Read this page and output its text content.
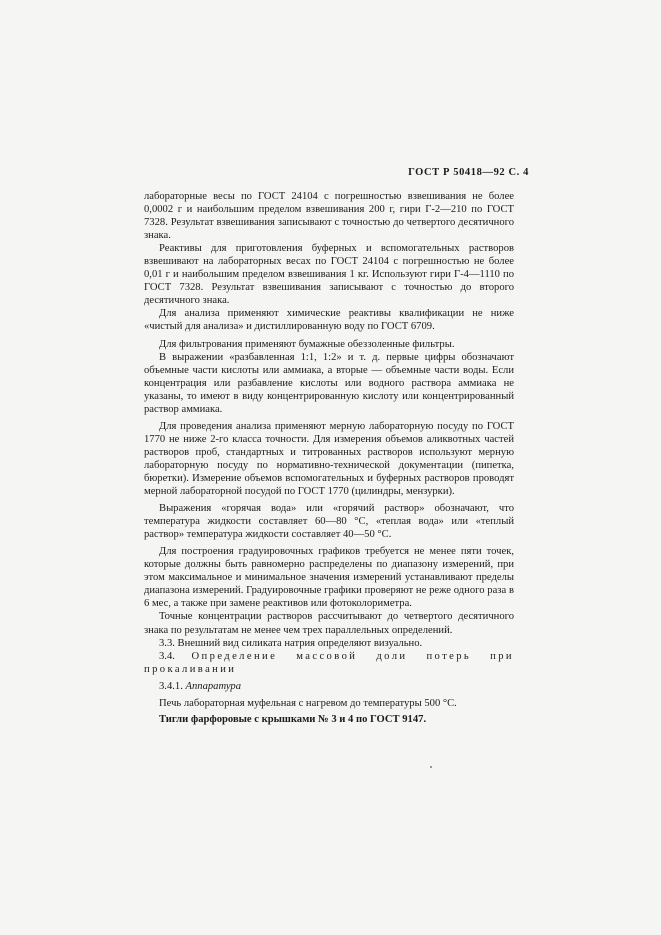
ГОСТ Р 50418—92 С. 4

лабораторные весы по ГОСТ 24104 с погрешностью взвешивания не более 0,0002 г и наибольшим пределом взвешивания 200 г, гири Г-2—210 по ГОСТ 7328. Результат взвешивания записывают с точностью до четвертого десятичного знака.

Реактивы для приготовления буферных и вспомогательных растворов взвешивают на лабораторных весах по ГОСТ 24104 с погрешностью не более 0,01 г и наибольшим пределом взвешивания 1 кг. Используют гири Г-4—1110 по ГОСТ 7328. Результат взвешивания записывают с точностью до второго десятичного знака.

Для анализа применяют химические реактивы квалификации не ниже «чистый для анализа» и дистиллированную воду по ГОСТ 6709.

Для фильтрования применяют бумажные обеззоленные фильтры.

В выражении «разбавленная 1:1, 1:2» и т. д. первые цифры обозначают объемные части кислоты или аммиака, а вторые — объемные части воды. Если концентрация или разбавление кислоты или водного раствора аммиака не указаны, то имеют в виду концентрированную кислоту или концентрированный раствор аммиака.

Для проведения анализа применяют мерную лабораторную посуду по ГОСТ 1770 не ниже 2-го класса точности. Для измерения объемов аликвотных частей растворов проб, стандартных и титрованных растворов используют мерную лабораторную посуду по нормативно-технической документации (пипетка, бюретки). Измерение объемов вспомогательных и буферных растворов проводят мерной лабораторной посудой по ГОСТ 1770 (цилиндры, мензурки).

Выражения «горячая вода» или «горячий раствор» обозначают, что температура жидкости составляет 60—80 °С, «теплая вода» или «теплый раствор» температура жидкости составляет 40—50 °С.

Для построения градуировочных графиков требуется не менее пяти точек, которые должны быть равномерно распределены по диапазону измерений, при этом максимальное и минимальное значения измерений устанавливают пределы диапазона измерений. Градуировочные графики проверяют не реже одного раза в 6 мес, а также при замене реактивов или фотоколориметра.

Точные концентрации растворов рассчитывают до четвертого десятичного знака по результатам не менее чем трех параллельных определений.

3.3. Внешний вид силиката натрия определяют визуально.

3.4. Определение массовой доли потерь при прокаливании

3.4.1. Аппаратура

Печь лабораторная муфельная с нагревом до температуры 500 °С.

Тигли фарфоровые с крышками № 3 и 4 по ГОСТ 9147.
